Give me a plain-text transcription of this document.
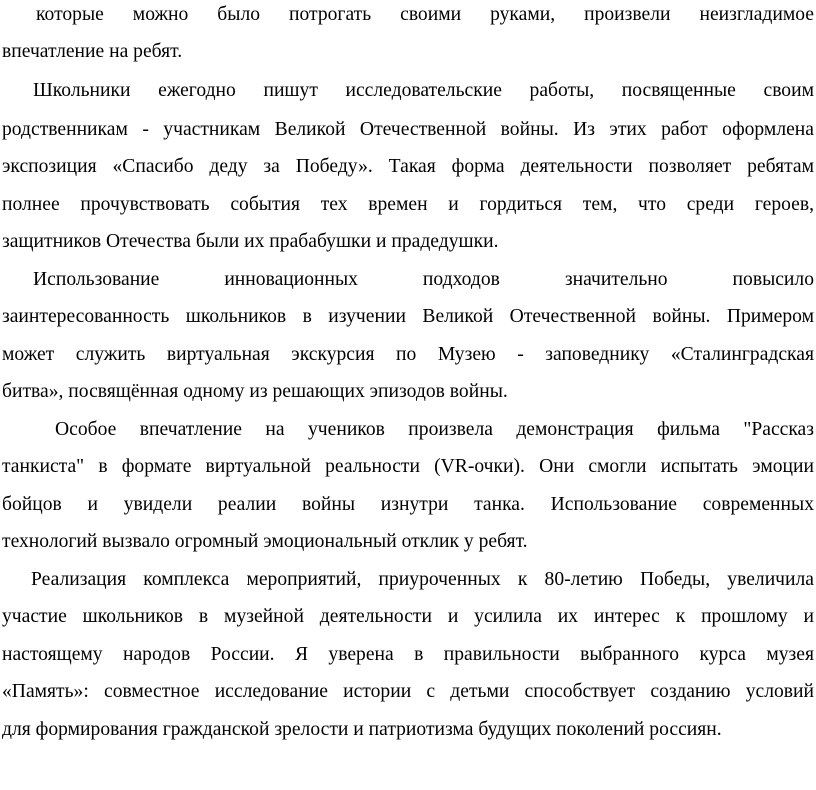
которые можно было потрогать своими руками, произвели неизгладимое
впечатление на ребят.
Школьники ежегодно пишут исследовательские работы, посвященные своим
родственникам - участникам Великой Отечественной войны. Из этих работ оформлена
экспозиция «Спасибо деду за Победу». Такая форма деятельности позволяет ребятам
полнее прочувствовать события тех времен и гордиться тем, что среди героев,
защитников Отечества были их прабабушки и прадедушки.
Использование инновационных подходов значительно повысило
заинтересованность школьников в изучении Великой Отечественной войны. Примером
может служить виртуальная экскурсия по Музею - заповеднику «Сталинградская
битва», посвящённая одному из решающих эпизодов войны.
Особое впечатление на учеников произвела демонстрация фильма "Рассказ
танкиста" в формате виртуальной реальности (VR-очки). Они смогли испытать эмоции
бойцов и увидели реалии войны изнутри танка. Использование современных
технологий вызвало огромный эмоциональный отклик у ребят.
Реализация комплекса мероприятий, приуроченных к 80-летию Победы, увеличила
участие школьников в музейной деятельности и усилила их интерес к прошлому и
настоящему народов России. Я уверена в правильности выбранного курса музея
«Память»: совместное исследование истории с детьми способствует созданию условий
для формирования гражданской зрелости и патриотизма будущих поколений россиян.
